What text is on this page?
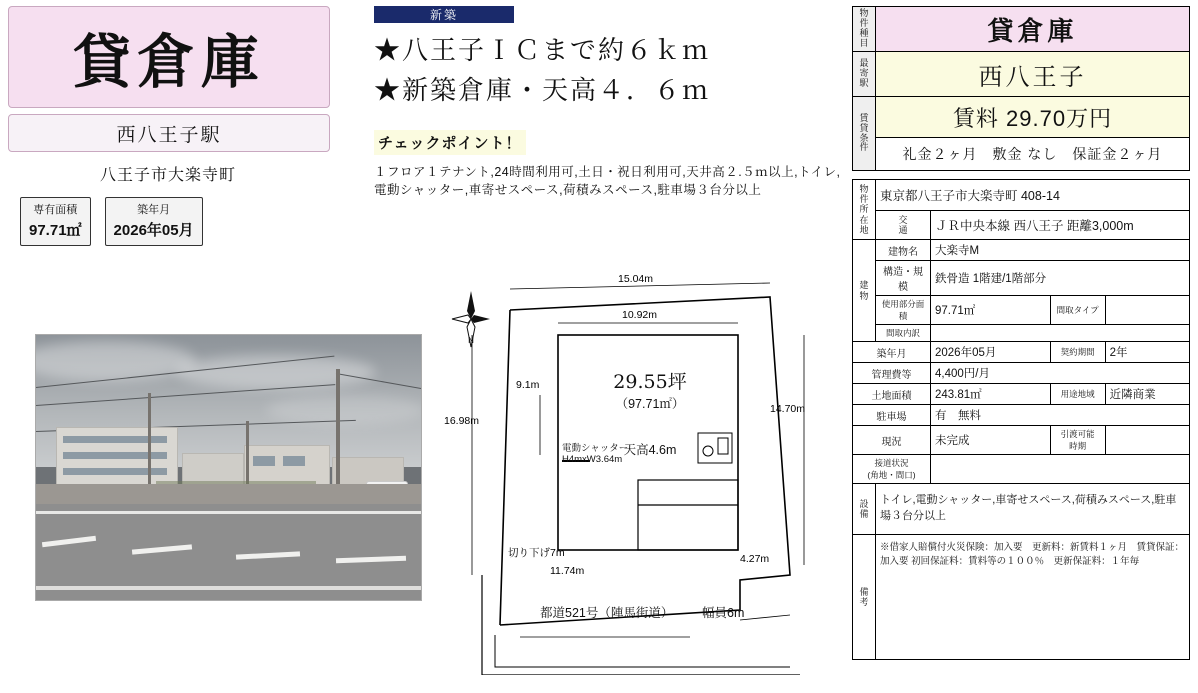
貸倉庫
西八王子駅
八王子市大楽寺町
専有面積
97.71㎡
築年月
2026年05月
新築
★八王子ＩＣまで約６ｋｍ
★新築倉庫・天高４．６ｍ
チェックポイント！
１フロア１テナント,24時間利用可,土日・祝日利用可,天井高２.５ｍ以上,トイレ,電動シャッター,車寄せスペース,荷積みスペース,駐車場３台分以上
N
15.04m
10.92m
16.98m
9.1m
14.70m
11.74m
4.27m
切り下げ7m
29.55坪
（97.71㎡）
天高4.6m
電動シャッター
H4mxW3.64m
都道521号（陣馬街道） 幅員6m
物
件
種
目	貸倉庫
最
寄
駅	西八王子
賃
貸
条
件	賃料 29.70万円
	礼金２ヶ月　敷金 なし　保証金２ヶ月
物
件
所
在
地	東京都八王子市大楽寺町 408-14			
	交
通	ＪＲ中央本線 西八王子 距離3,000m		
建
物	建物名	大楽寺M		
	構造・規模	鉄骨造 1階建/1階部分		
	使用部分面積	97.71㎡	間取タイプ	
	間取内訳			
築年月		2026年05月	契約期間	2年
管理費等		4,400円/月		
土地面積		243.81㎡	用途地域	近隣商業
駐車場		有　無料		
現況		未完成	引渡可能
時期	
接道状況
(角地・間口)				
設
備	トイレ,電動シャッター,車寄せスペース,荷積みスペース,駐車場３台分以上			
備
考	※借家人賠償付火災保険：加入要　更新料：新賃料１ヶ月　賃貸保証：加入要 初回保証料：賃料等の１００％　更新保証料：１年毎			
